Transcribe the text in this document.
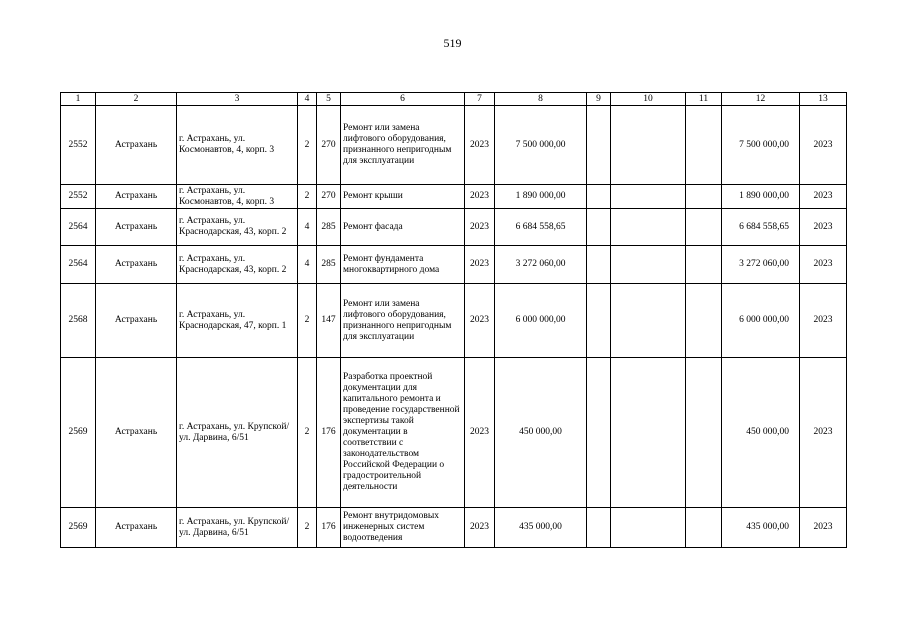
519
1	2	3	4	5	6	7	8	9	10	11	12	13
2552	Астрахань	г. Астрахань, ул. Космонавтов, 4, корп. 3	2	270	Ремонт или замена лифтового оборудования, признанного непригодным для эксплуатации	2023	7 500 000,00				7 500 000,00	2023
2552	Астрахань	г. Астрахань, ул. Космонавтов, 4, корп. 3	2	270	Ремонт крыши	2023	1 890 000,00				1 890 000,00	2023
2564	Астрахань	г. Астрахань, ул. Краснодарская, 43, корп. 2	4	285	Ремонт фасада	2023	6 684 558,65				6 684 558,65	2023
2564	Астрахань	г. Астрахань, ул. Краснодарская, 43, корп. 2	4	285	Ремонт фундамента многоквартирного дома	2023	3 272 060,00				3 272 060,00	2023
2568	Астрахань	г. Астрахань, ул. Краснодарская, 47, корп. 1	2	147	Ремонт или замена лифтового оборудования, признанного непригодным для эксплуатации	2023	6 000 000,00				6 000 000,00	2023
2569	Астрахань	г. Астрахань, ул. Крупской/ ул. Дарвина, 6/51	2	176	Разработка проектной документации для капитального ремонта и проведение государственной экспертизы такой документации в соответствии с законодательством Российской Федерации о градостроительной деятельности	2023	450 000,00				450 000,00	2023
2569	Астрахань	г. Астрахань, ул. Крупской/ ул. Дарвина, 6/51	2	176	Ремонт внутридомовых инженерных систем водоотведения	2023	435 000,00				435 000,00	2023
